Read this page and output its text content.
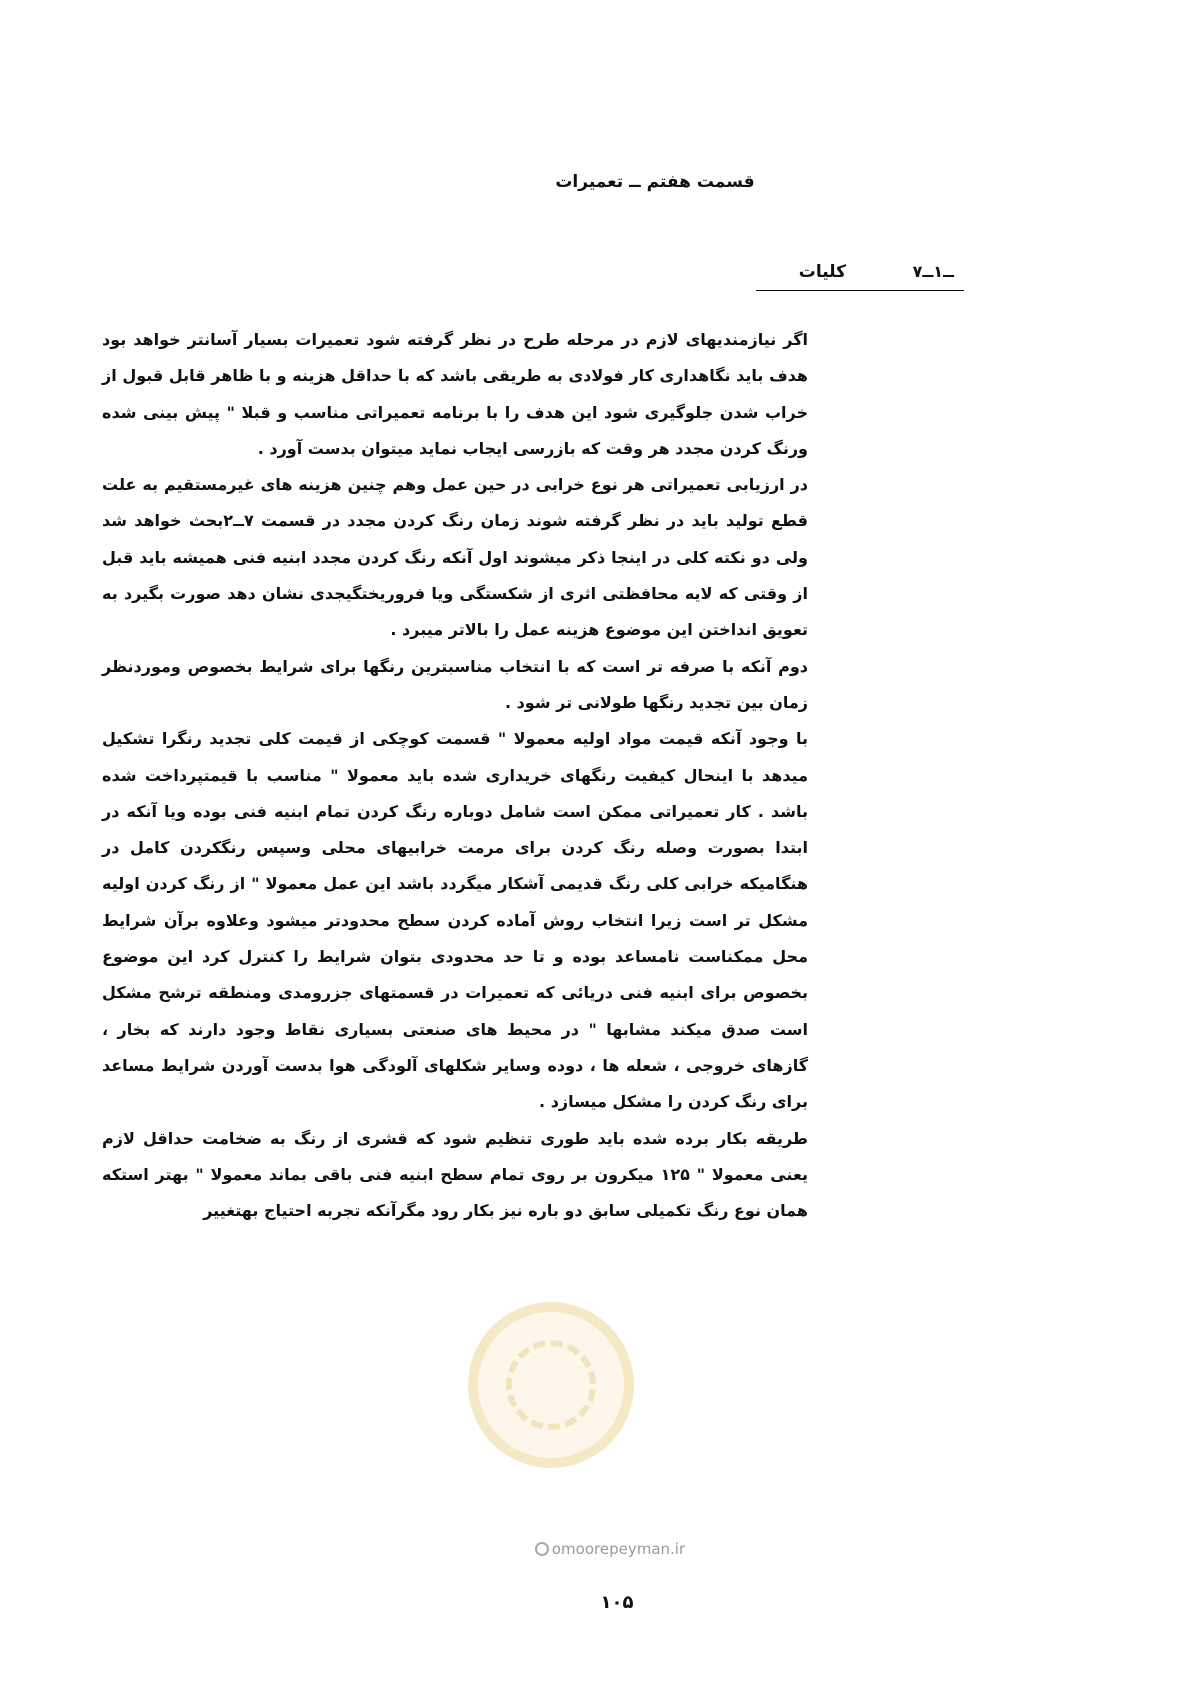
قسمت هفتم ــ تعمیرات
۷ــ۱ــ
کلیات

اگر نیازمندیهای لازم در مرحله طرح در نظر گرفته شود تعمیرات بسیار آسانتر خواهد بود هدف باید نگاهداری کار فولادی به طریقی باشد که با حداقل هزینه و با ظاهر قابل قبول از خراب شدن جلوگیری شود این هدف را با برنامه تعمیراتی مناسب و قبلا " پیش بینی شده ورنگ کردن مجدد هر وقت که بازرسی ایجاب نماید میتوان بدست آورد .

در ارزیابی تعمیراتی هر نوع خرابی در حین عمل وهم چنین هزینه های غیرمستقیم به علت قطع تولید باید در نظر گرفته شوند زمان رنگ کردن مجدد در قسمت ۷ــ۲بحث خواهد شد ولی دو نکته کلی در اینجا ذکر میشوند اول آنکه رنگ کردن مجدد ابنیه فنی همیشه باید قبل از وقتی که لایه محافظتی اثری از شکستگی ویا فروریختگیجدی نشان دهد صورت بگیرد به تعویق انداختن این موضوع هزینه عمل را بالاتر میبرد .

دوم آنکه با صرفه تر است که با انتخاب مناسبترین رنگها برای شرایط بخصوص وموردنظر زمان بین تجدید رنگها طولانی تر شود .

با وجود آنکه قیمت مواد اولیه معمولا " قسمت کوچکی از قیمت کلی تجدید رنگرا تشکیل میدهد با اینحال کیفیت رنگهای خریداری شده باید معمولا " مناسب با قیمتپرداخت شده باشد . کار تعمیراتی ممکن است شامل دوباره رنگ کردن تمام ابنیه فنی بوده ویا آنکه در ابتدا بصورت وصله رنگ کردن برای مرمت خرابیهای محلی وسپس رنگکردن کامل در هنگامیکه خرابی کلی رنگ قدیمی آشکار میگردد باشد این عمل معمولا " از رنگ کردن اولیه مشکل تر است زیرا انتخاب روش آماده کردن سطح محدودتر میشود وعلاوه برآن شرایط محل ممکناست نامساعد بوده و تا حد محدودی بتوان شرایط را کنترل کرد این موضوع بخصوص برای ابنیه فنی دریائی که تعمیرات در قسمتهای جزرومدی ومنطقه ترشح مشکل است صدق میکند مشابها " در محیط های صنعتی بسیاری نقاط وجود دارند که بخار ، گازهای خروجی ، شعله ها ، دوده وسایر شکلهای آلودگی هوا بدست آوردن شرایط مساعد برای رنگ کردن را مشکل میسازد .

طریقه بکار برده شده باید طوری تنظیم شود که قشری از رنگ به ضخامت حداقل لازم یعنی معمولا " ۱۲۵ میکرون بر روی تمام سطح ابنیه فنی باقی بماند معمولا " بهتر استکه همان نوع رنگ تکمیلی سابق دو باره نیز بکار رود مگرآنکه تجربه احتیاج بهتغییر

omoorepeyman.ir
۱۰۵
